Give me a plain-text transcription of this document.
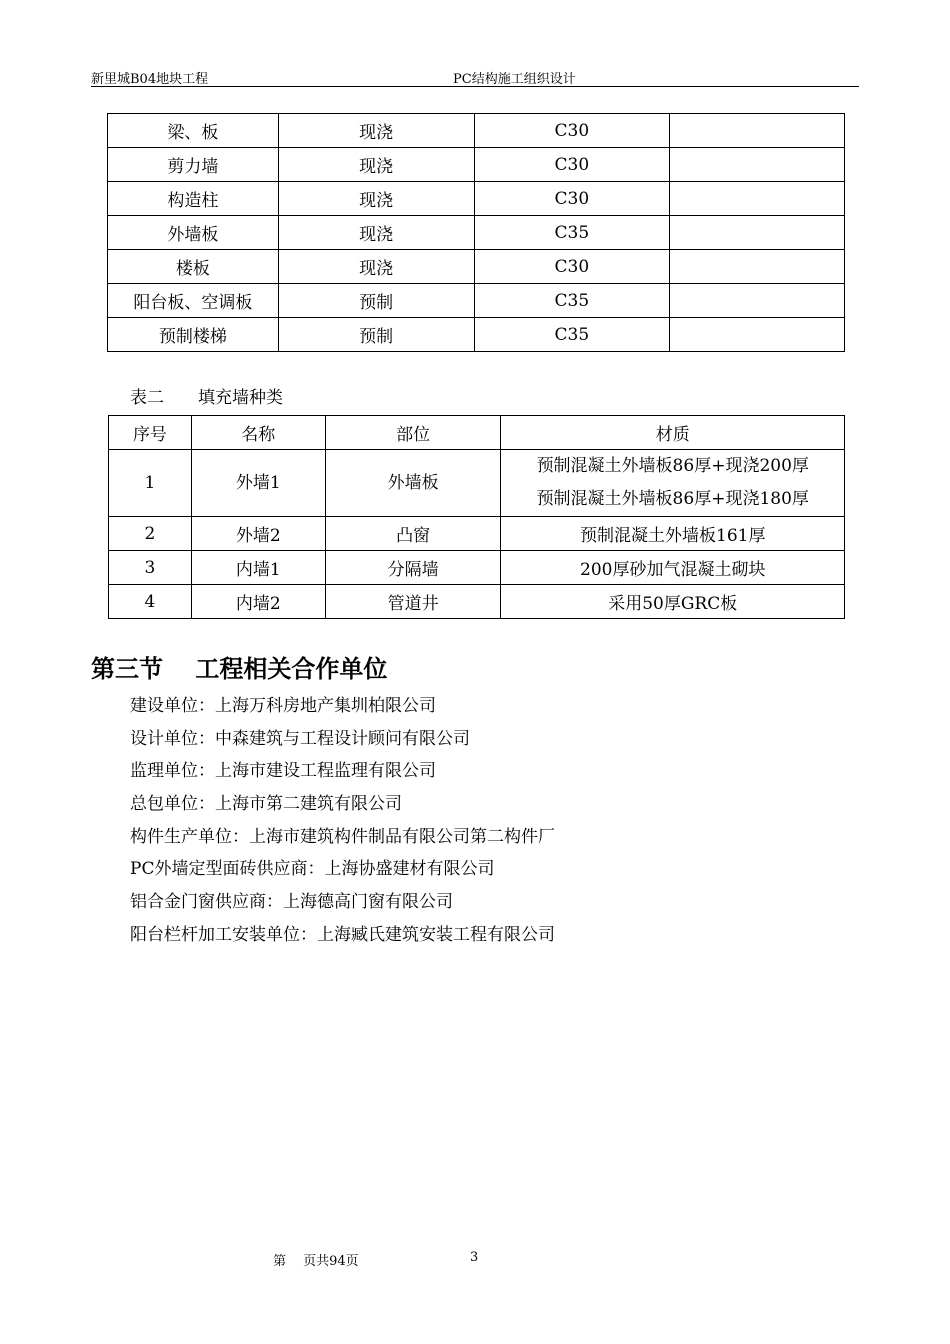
新里城B04地块工程	PC结构施工组织设计
梁、板	现浇	C30	
剪力墙	现浇	C30	
构造柱	现浇	C30	
外墙板	现浇	C35	
楼板	现浇	C30	
阳台板、空调板	预制	C35	
预制楼梯	预制	C35	
表二　　填充墙种类
序号	名称	部位	材质
1	外墙1	外墙板	预制混凝土外墙板86厚+现浇200厚
预制混凝土外墙板86厚+现浇180厚

2	外墙2	凸窗	预制混凝土外墙板161厚
3	内墙1	分隔墙	200厚砂加气混凝土砌块
4	内墙2	管道井	采用50厚GRC板
第三节　 工程相关合作单位
建设单位：上海万科房地产集圳柏限公司
设计单位：中森建筑与工程设计顾问有限公司
监理单位：上海市建设工程监理有限公司
总包单位：上海市第二建筑有限公司
构件生产单位：上海市建筑构件制品有限公司第二构件厂
PC外墙定型面砖供应商：上海协盛建材有限公司
铝合金门窗供应商：上海德高门窗有限公司
阳台栏杆加工安装单位：上海臧氏建筑安装工程有限公司
第　 页共94页	3
